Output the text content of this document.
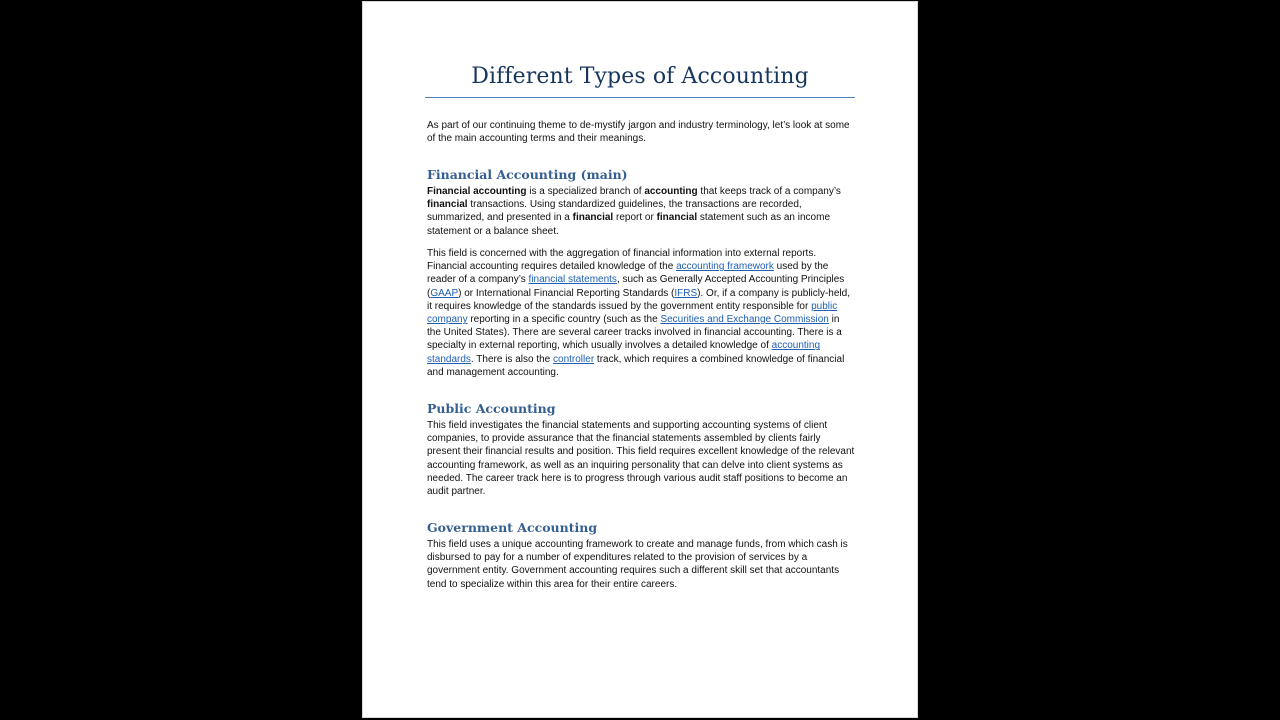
Different Types of Accounting

As part of our continuing theme to de-mystify jargon and industry terminology, let’s look at some of the main accounting terms and their meanings.

Financial Accounting (main)

Financial accounting is a specialized branch of accounting that keeps track of a company’s financial transactions. Using standardized guidelines, the transactions are recorded, summarized, and presented in a financial report or financial statement such as an income statement or a balance sheet.

This field is concerned with the aggregation of financial information into external reports. Financial accounting requires detailed knowledge of the accounting framework used by the reader of a company’s financial statements, such as Generally Accepted Accounting Principles (GAAP) or International Financial Reporting Standards (IFRS). Or, if a company is publicly-held, it requires knowledge of the standards issued by the government entity responsible for public company reporting in a specific country (such as the Securities and Exchange Commission in the United States). There are several career tracks involved in financial accounting. There is a specialty in external reporting, which usually involves a detailed knowledge of accounting standards. There is also the controller track, which requires a combined knowledge of financial and management accounting.

Public Accounting

This field investigates the financial statements and supporting accounting systems of client companies, to provide assurance that the financial statements assembled by clients fairly present their financial results and position. This field requires excellent knowledge of the relevant accounting framework, as well as an inquiring personality that can delve into client systems as needed. The career track here is to progress through various audit staff positions to become an audit partner.

Government Accounting

This field uses a unique accounting framework to create and manage funds, from which cash is disbursed to pay for a number of expenditures related to the provision of services by a government entity. Government accounting requires such a different skill set that accountants tend to specialize within this area for their entire careers.
